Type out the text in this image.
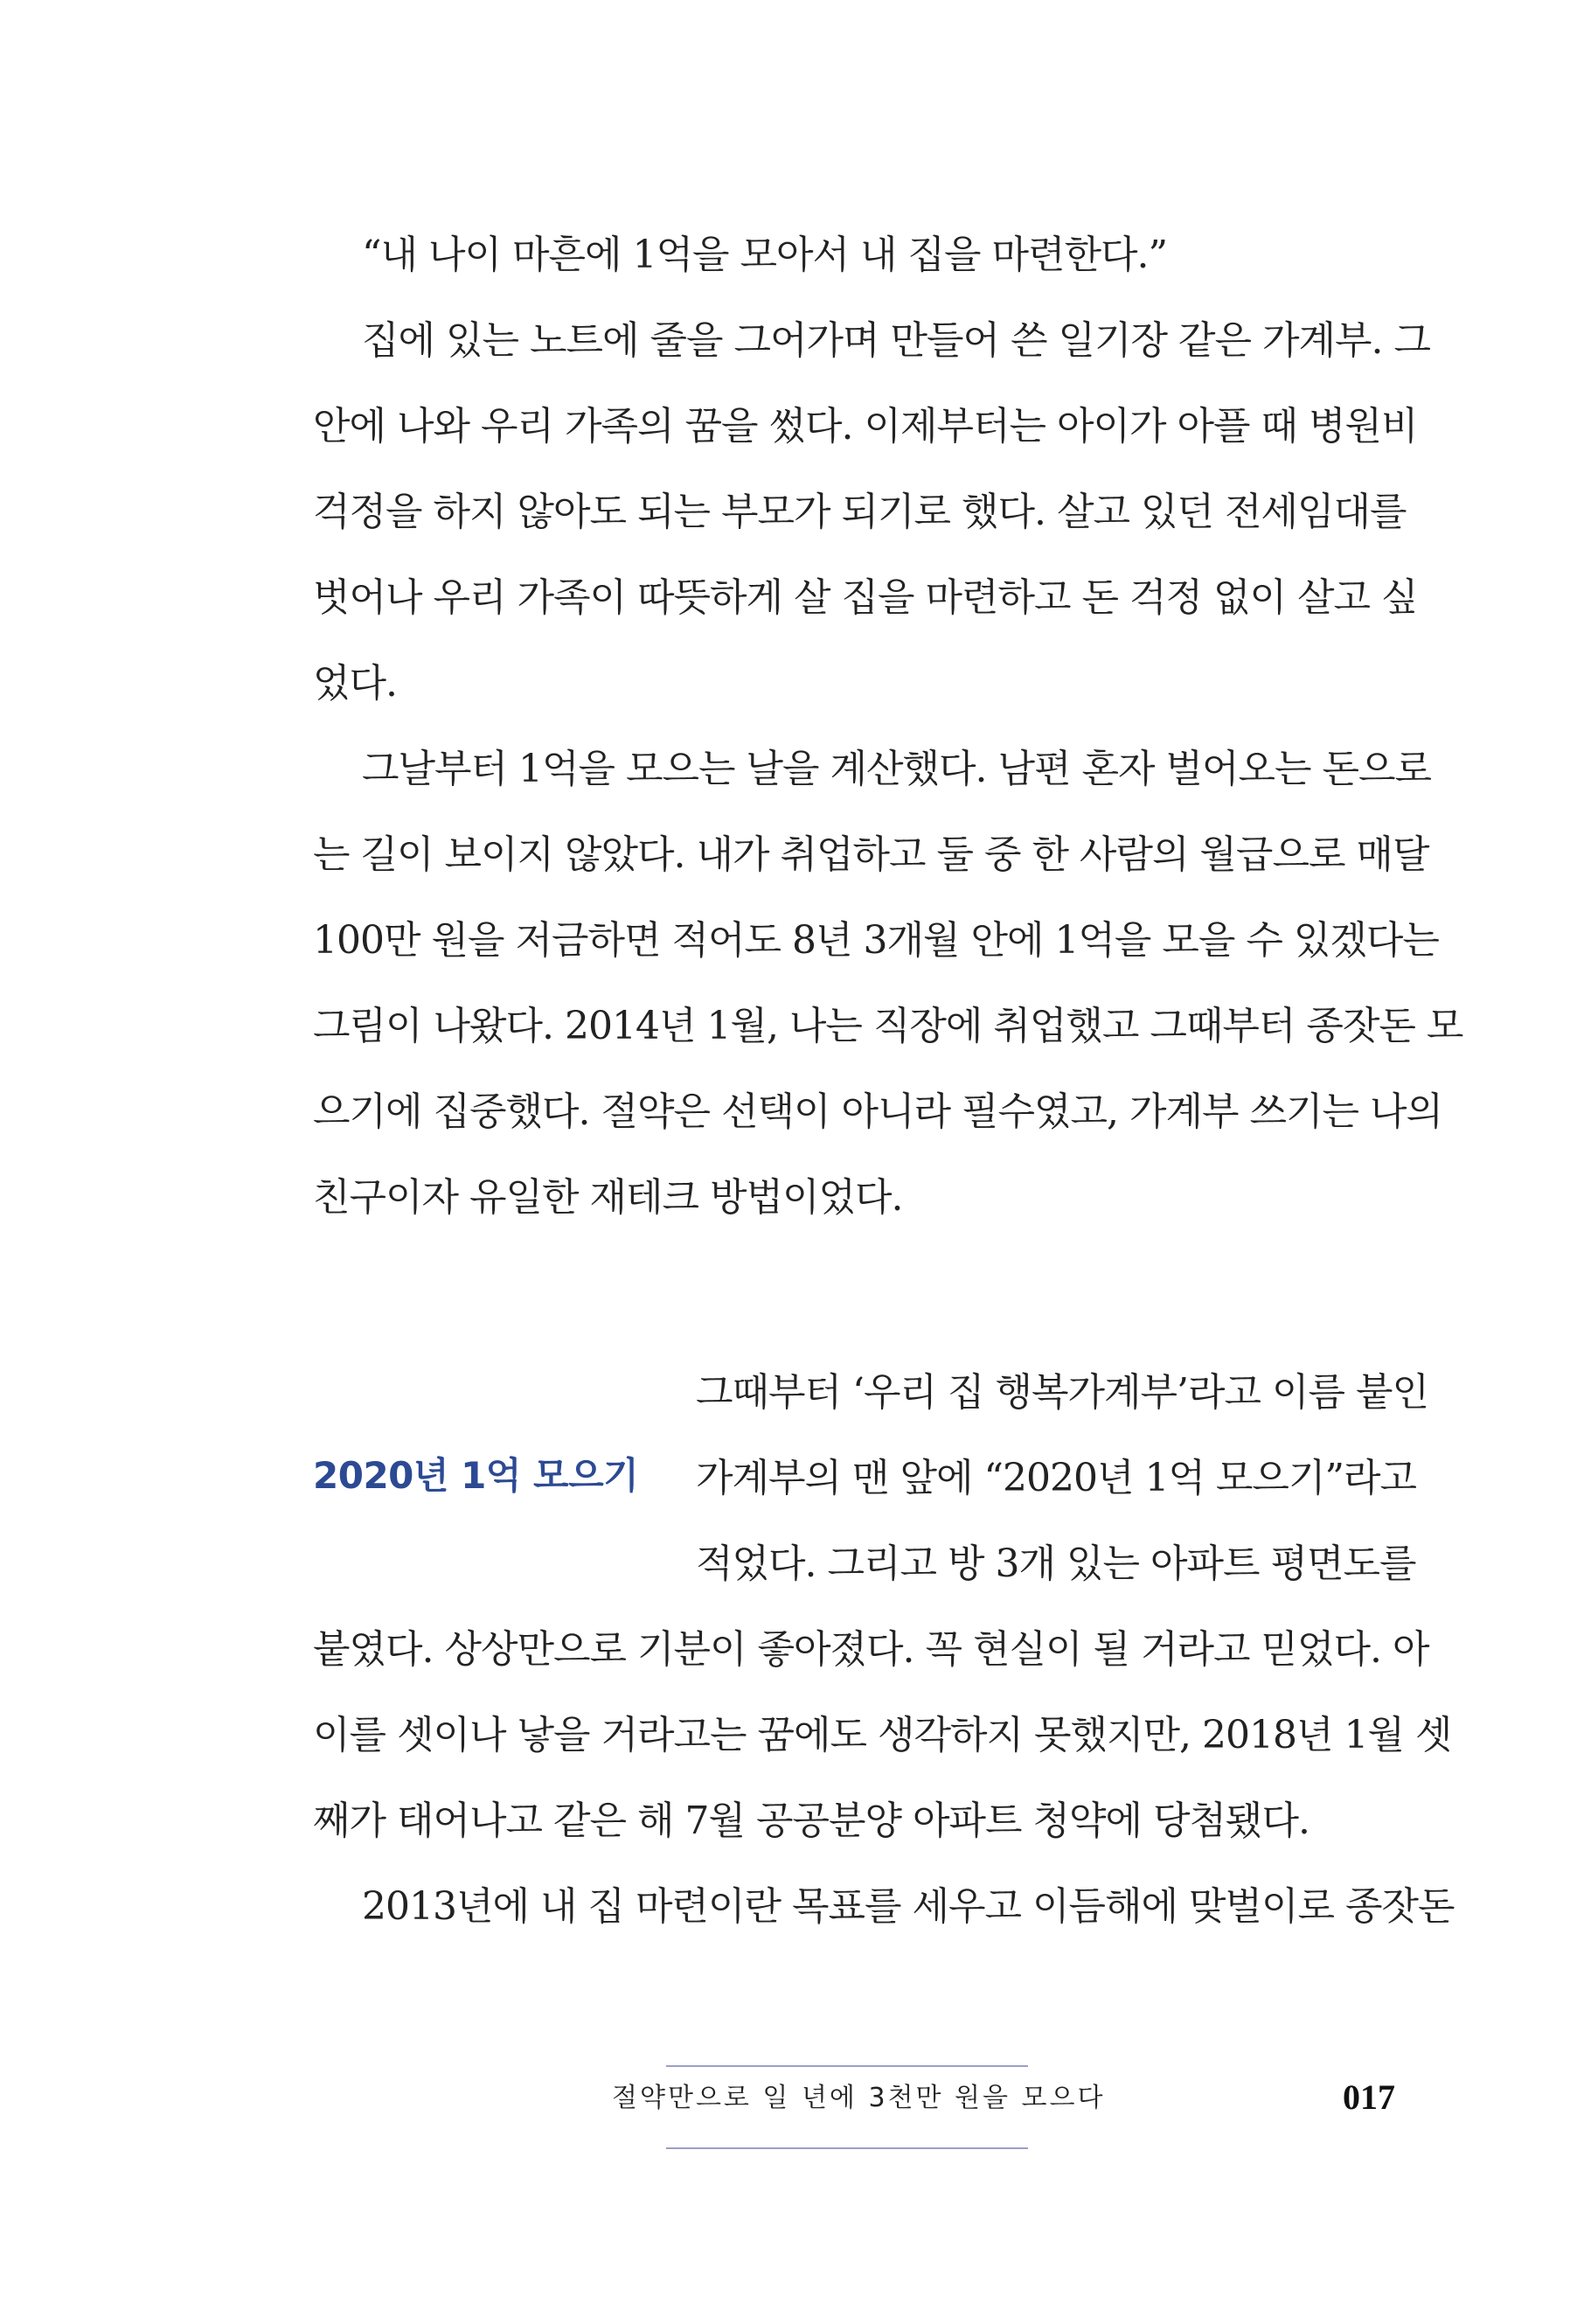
“내 나이 마흔에 1억을 모아서 내 집을 마련한다.”
집에 있는 노트에 줄을 그어가며 만들어 쓴 일기장 같은 가계부. 그
안에 나와 우리 가족의 꿈을 썼다. 이제부터는 아이가 아플 때 병원비
걱정을 하지 않아도 되는 부모가 되기로 했다. 살고 있던 전세임대를
벗어나 우리 가족이 따뜻하게 살 집을 마련하고 돈 걱정 없이 살고 싶
었다.
그날부터 1억을 모으는 날을 계산했다. 남편 혼자 벌어오는 돈으로
는 길이 보이지 않았다. 내가 취업하고 둘 중 한 사람의 월급으로 매달
100만 원을 저금하면 적어도 8년 3개월 안에 1억을 모을 수 있겠다는
그림이 나왔다. 2014년 1월, 나는 직장에 취업했고 그때부터 종잣돈 모
으기에 집중했다. 절약은 선택이 아니라 필수였고, 가계부 쓰기는 나의
친구이자 유일한 재테크 방법이었다.
2020년 1억 모으기
그때부터 ‘우리 집 행복가계부’라고 이름 붙인
가계부의 맨 앞에 “2020년 1억 모으기”라고
적었다. 그리고 방 3개 있는 아파트 평면도를
붙였다. 상상만으로 기분이 좋아졌다. 꼭 현실이 될 거라고 믿었다. 아
이를 셋이나 낳을 거라고는 꿈에도 생각하지 못했지만, 2018년 1월 셋
째가 태어나고 같은 해 7월 공공분양 아파트 청약에 당첨됐다.
2013년에 내 집 마련이란 목표를 세우고 이듬해에 맞벌이로 종잣돈
절약만으로 일 년에 3천만 원을 모으다	017
